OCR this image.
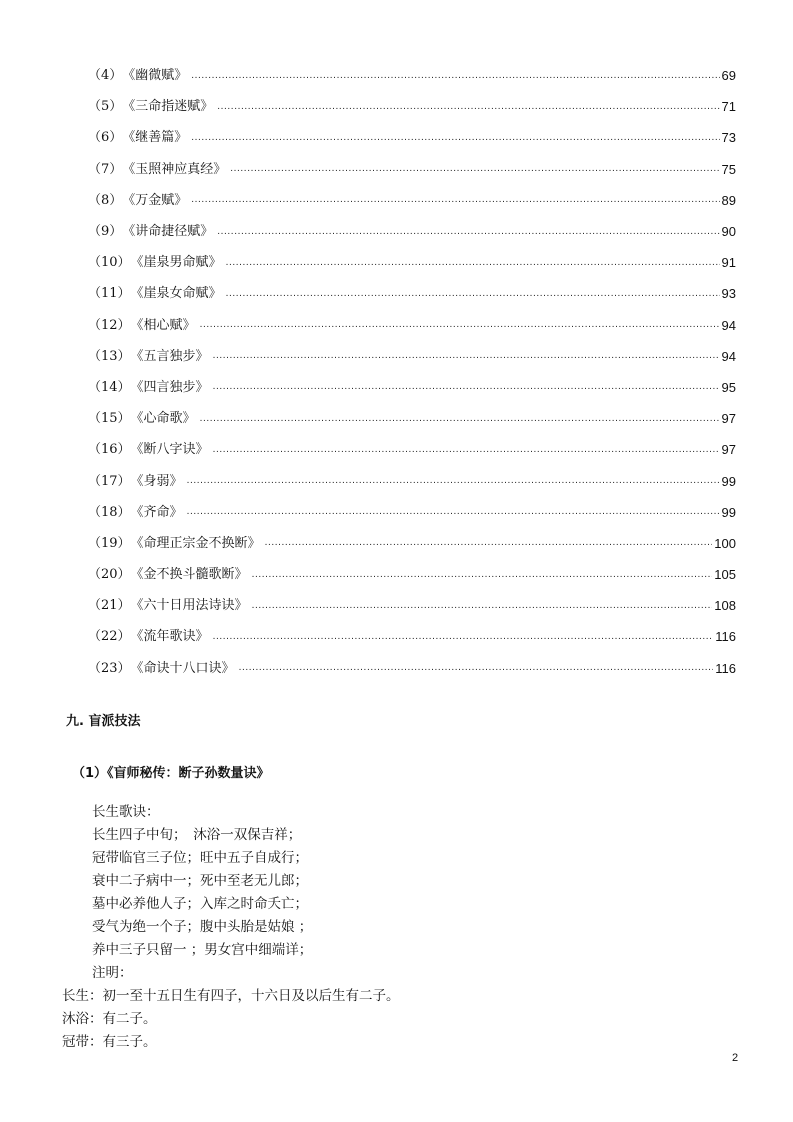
（4） 《幽微赋》 .....	69
（5） 《三命指迷赋》 .....	71
（6） 《继善篇》 .....	73
（7） 《玉照神应真经》 .....	75
（8） 《万金赋》 .....	89
（9） 《讲命捷径赋》 .....	90
（10） 《崖泉男命赋》 .....	91
（11） 《崖泉女命赋》 .....	93
（12） 《相心赋》 .....	94
（13） 《五言独步》 .....	94
（14） 《四言独步》 .....	95
（15） 《心命歌》 .....	97
（16） 《断八字诀》 .....	97
（17） 《身弱》 .....	99
（18） 《齐命》 .....	99
（19） 《命理正宗金不换断》 .....	100
（20） 《金不换斗髓歌断》 .....	105
（21） 《六十日用法诗诀》 .....	108
（22） 《流年歌诀》 .....	116
（23） 《命诀十八口诀》 .....	116
九. 盲派技法
（1）《盲师秘传：断子孙数量诀》
长生歌诀：
长生四子中旬；　沐浴一双保吉祥；
冠带临官三子位；旺中五子自成行；
衰中二子病中一；死中至老无儿郎；
墓中必养他人子；入库之时命夭亡；
受气为绝一个子；腹中头胎是姑娘 ；
养中三子只留一 ；男女宫中细端详；
注明：
长生：初一至十五日生有四子，十六日及以后生有二子。
沐浴：有二子。
冠带：有三子。
2
